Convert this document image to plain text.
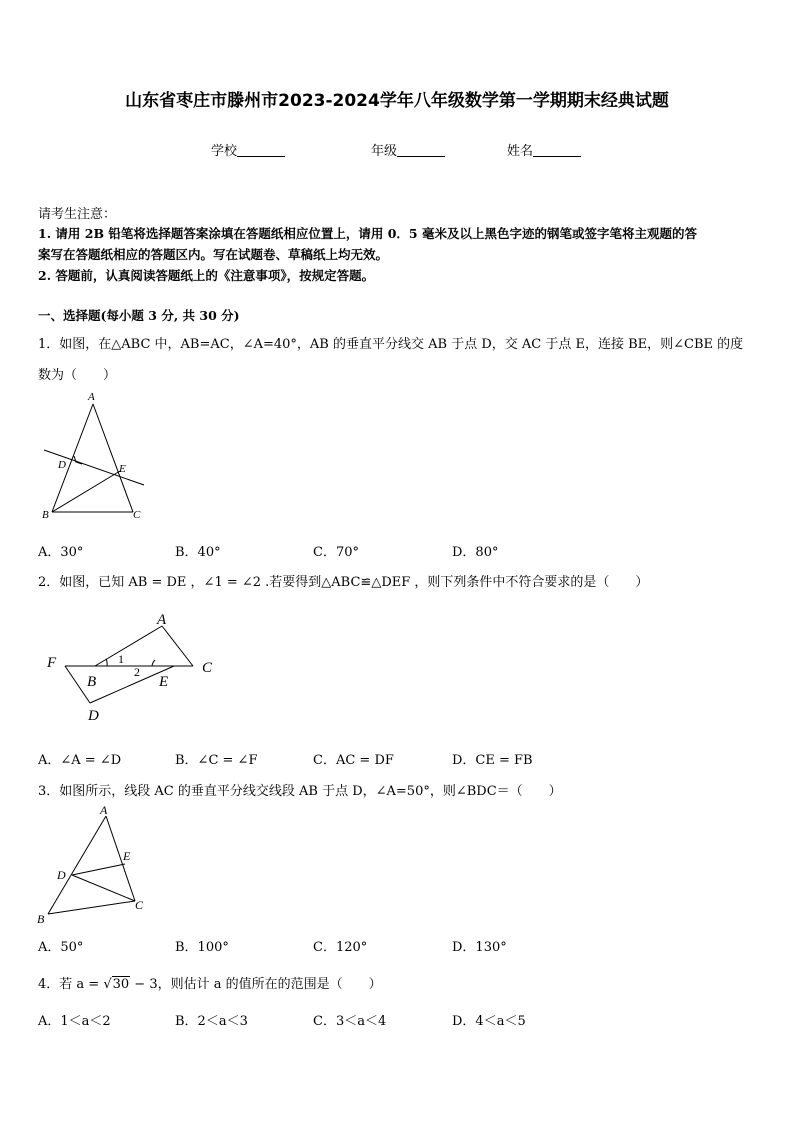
山东省枣庄市滕州市2023-2024学年八年级数学第一学期期末经典试题
学校	年级	姓名
请考生注意：
1. 请用 2B 铅笔将选择题答案涂填在答题纸相应位置上，请用 0．5 毫米及以上黑色字迹的钢笔或签字笔将主观题的答
案写在答题纸相应的答题区内。写在试题卷、草稿纸上均无效。
2. 答题前，认真阅读答题纸上的《注意事项》，按规定答题。
一、选择题(每小题 3 分, 共 30 分)
1．如图，在△ABC 中，AB=AC，∠A=40°，AB 的垂直平分线交 AB 于点 D，交 AC 于点 E，连接 BE，则∠CBE 的度
数为（　　）
A
B	C
D	E
A．30°	B．40°	C．70°	D．80°
2．如图，已知 AB = DE ，∠1 = ∠2 .若要得到△ABC≌△DEF ，则下列条件中不符合要求的是（　　）
F
A
C
B	E
D
1
2
A．∠A = ∠D	B．∠C = ∠F	C．AC = DF	D．CE = FB
3．如图所示，线段 AC 的垂直平分线交线段 AB 于点 D，∠A=50°，则∠BDC＝（　　）
A
B
C
D
E
A．50°	B．100°	C．120°	D．130°
4．若 a = √30 − 3，则估计 a 的值所在的范围是（　　）
A．1＜a＜2	B．2＜a＜3	C．3＜a＜4	D．4＜a＜5
